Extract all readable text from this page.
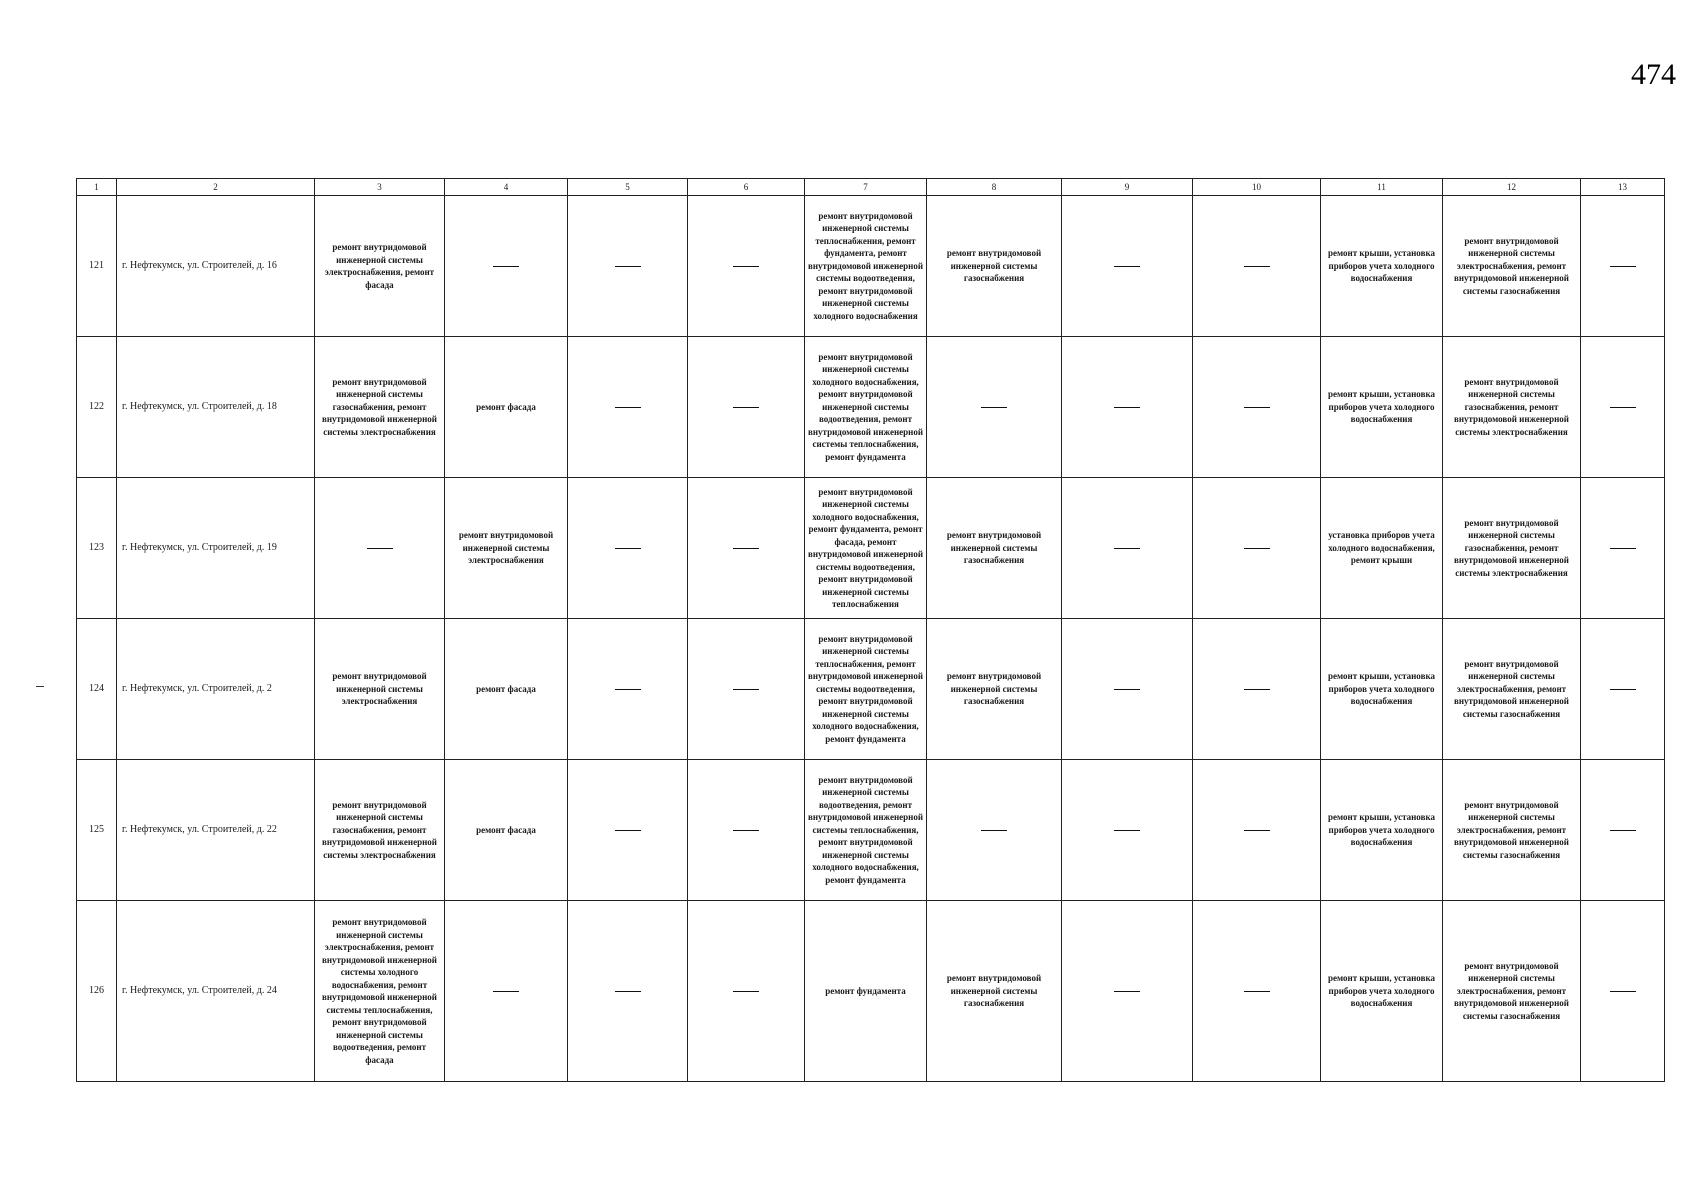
474
1	2	3	4	5	6	7	8	9	10	11	12	13
121	г. Нефтекумск, ул. Строителей, д. 16	ремонт внутридомовой инженерной системы электроснабжения, ремонт фасада				ремонт внутридомовой инженерной системы теплоснабжения, ремонт фундамента, ремонт внутридомовой инженерной системы водоотведения, ремонт внутридомовой инженерной системы холодного водоснабжения	ремонт внутридомовой инженерной системы газоснабжения			ремонт крыши, установка приборов учета холодного водоснабжения	ремонт внутридомовой инженерной системы электроснабжения, ремонт внутридомовой инженерной системы газоснабжения	
122	г. Нефтекумск, ул. Строителей, д. 18	ремонт внутридомовой инженерной системы газоснабжения, ремонт внутридомовой инженерной системы электроснабжения	ремонт фасада			ремонт внутридомовой инженерной системы холодного водоснабжения, ремонт внутридомовой инженерной системы водоотведения, ремонт внутридомовой инженерной системы теплоснабжения, ремонт фундамента				ремонт крыши, установка приборов учета холодного водоснабжения	ремонт внутридомовой инженерной системы газоснабжения, ремонт внутридомовой инженерной системы электроснабжения	
123	г. Нефтекумск, ул. Строителей, д. 19		ремонт внутридомовой инженерной системы электроснабжения			ремонт внутридомовой инженерной системы холодного водоснабжения, ремонт фундамента, ремонт фасада, ремонт внутридомовой инженерной системы водоотведения, ремонт внутридомовой инженерной системы теплоснабжения	ремонт внутридомовой инженерной системы газоснабжения			установка приборов учета холодного водоснабжения, ремонт крыши	ремонт внутридомовой инженерной системы газоснабжения, ремонт внутридомовой инженерной системы электроснабжения	
124	г. Нефтекумск, ул. Строителей, д. 2	ремонт внутридомовой инженерной системы электроснабжения	ремонт фасада			ремонт внутридомовой инженерной системы теплоснабжения, ремонт внутридомовой инженерной системы водоотведения, ремонт внутридомовой инженерной системы холодного водоснабжения, ремонт фундамента	ремонт внутридомовой инженерной системы газоснабжения			ремонт крыши, установка приборов учета холодного водоснабжения	ремонт внутридомовой инженерной системы электроснабжения, ремонт внутридомовой инженерной системы газоснабжения	
125	г. Нефтекумск, ул. Строителей, д. 22	ремонт внутридомовой инженерной системы газоснабжения, ремонт внутридомовой инженерной системы электроснабжения	ремонт фасада			ремонт внутридомовой инженерной системы водоотведения, ремонт внутридомовой инженерной системы теплоснабжения, ремонт внутридомовой инженерной системы холодного водоснабжения, ремонт фундамента				ремонт крыши, установка приборов учета холодного водоснабжения	ремонт внутридомовой инженерной системы электроснабжения, ремонт внутридомовой инженерной системы газоснабжения	
126	г. Нефтекумск, ул. Строителей, д. 24	ремонт внутридомовой инженерной системы электроснабжения, ремонт внутридомовой инженерной системы холодного водоснабжения, ремонт внутридомовой инженерной системы теплоснабжения, ремонт внутридомовой инженерной системы водоотведения, ремонт фасада				ремонт фундамента	ремонт внутридомовой инженерной системы газоснабжения			ремонт крыши, установка приборов учета холодного водоснабжения	ремонт внутридомовой инженерной системы электроснабжения, ремонт внутридомовой инженерной системы газоснабжения	
